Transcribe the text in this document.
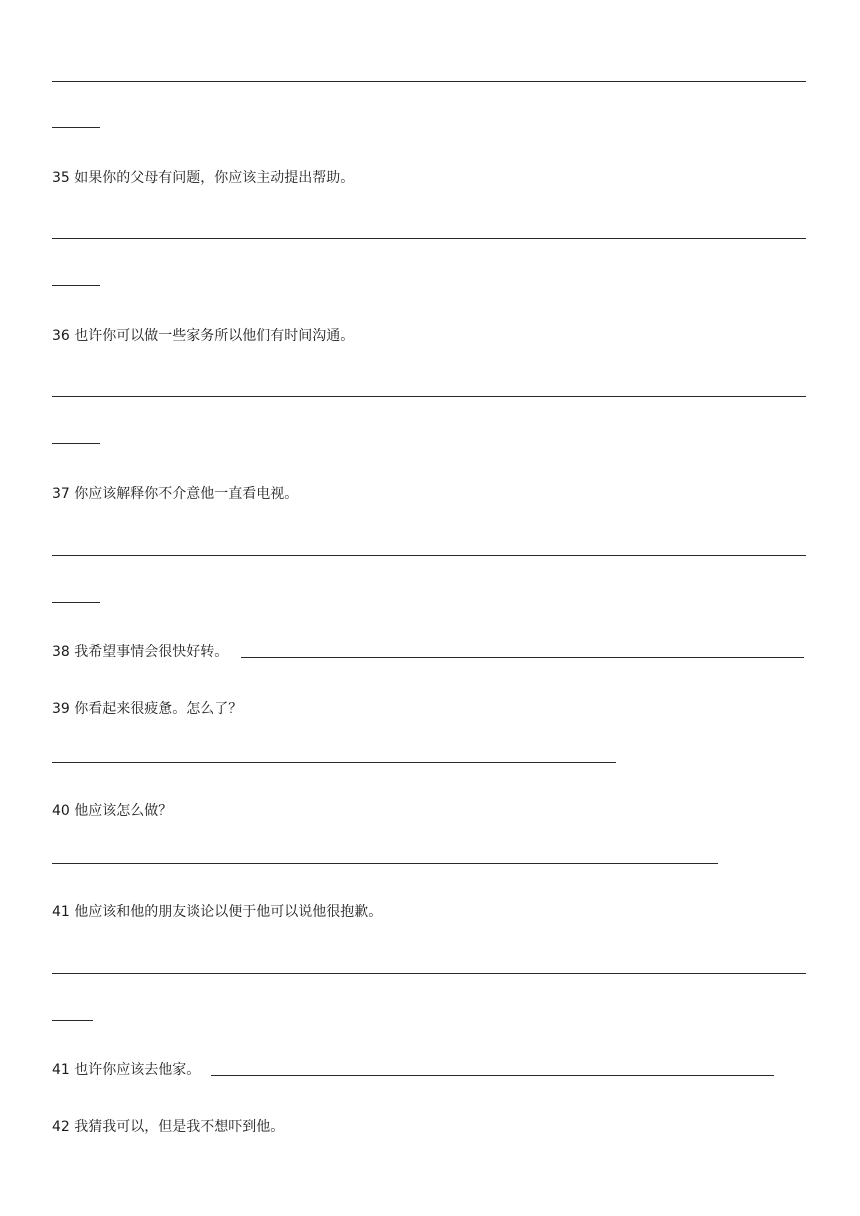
35 如果你的父母有问题，你应该主动提出帮助。
36 也许你可以做一些家务所以他们有时间沟通。
37 你应该解释你不介意他一直看电视。
38 我希望事情会很快好转。
39 你看起来很疲惫。怎么了？
40 他应该怎么做？
41 他应该和他的朋友谈论以便于他可以说他很抱歉。
41 也许你应该去他家。
42 我猜我可以，但是我不想吓到他。
